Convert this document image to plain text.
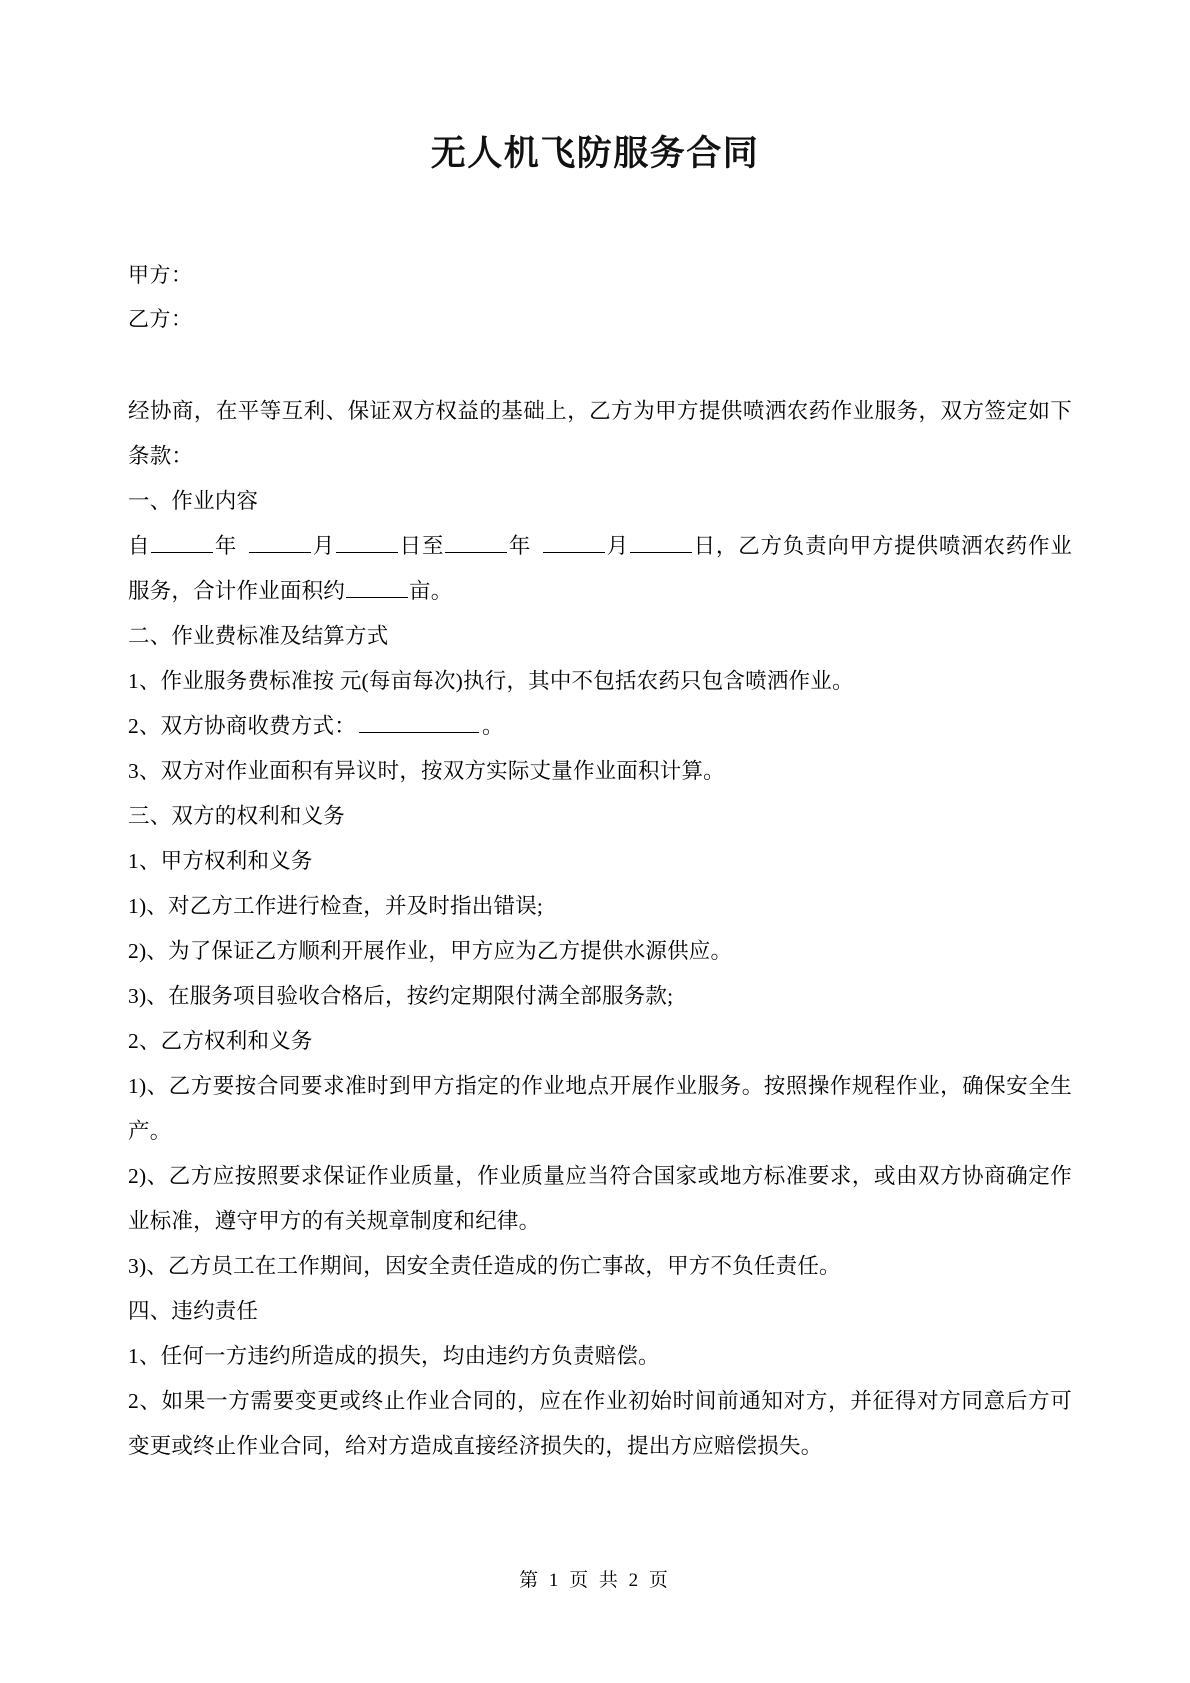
无人机飞防服务合同
甲方：
乙方：

经协商，在平等互利、保证双方权益的基础上，乙方为甲方提供喷洒农药作业服务，双方签定如下条款：

一、作业内容

自	年	月	日至	年	月	日，乙方负责向甲方提供喷洒农药作业服务，合计作业面积约	亩。

二、作业费标准及结算方式

1、作业服务费标准按 元(每亩每次)执行，其中不包括农药只包含喷洒作业。

2、双方协商收费方式：	。

3、双方对作业面积有异议时，按双方实际丈量作业面积计算。

三、双方的权利和义务

1、甲方权利和义务

1)、对乙方工作进行检查，并及时指出错误;

2)、为了保证乙方顺利开展作业，甲方应为乙方提供水源供应。

3)、在服务项目验收合格后，按约定期限付满全部服务款;

2、乙方权利和义务

1)、乙方要按合同要求准时到甲方指定的作业地点开展作业服务。按照操作规程作业，确保安全生产。

2)、乙方应按照要求保证作业质量，作业质量应当符合国家或地方标准要求，或由双方协商确定作业标准，遵守甲方的有关规章制度和纪律。

3)、乙方员工在工作期间，因安全责任造成的伤亡事故，甲方不负任责任。

四、违约责任

1、任何一方违约所造成的损失，均由违约方负责赔偿。

2、如果一方需要变更或终止作业合同的，应在作业初始时间前通知对方，并征得对方同意后方可变更或终止作业合同，给对方造成直接经济损失的，提出方应赔偿损失。

第 1 页 共 2 页
